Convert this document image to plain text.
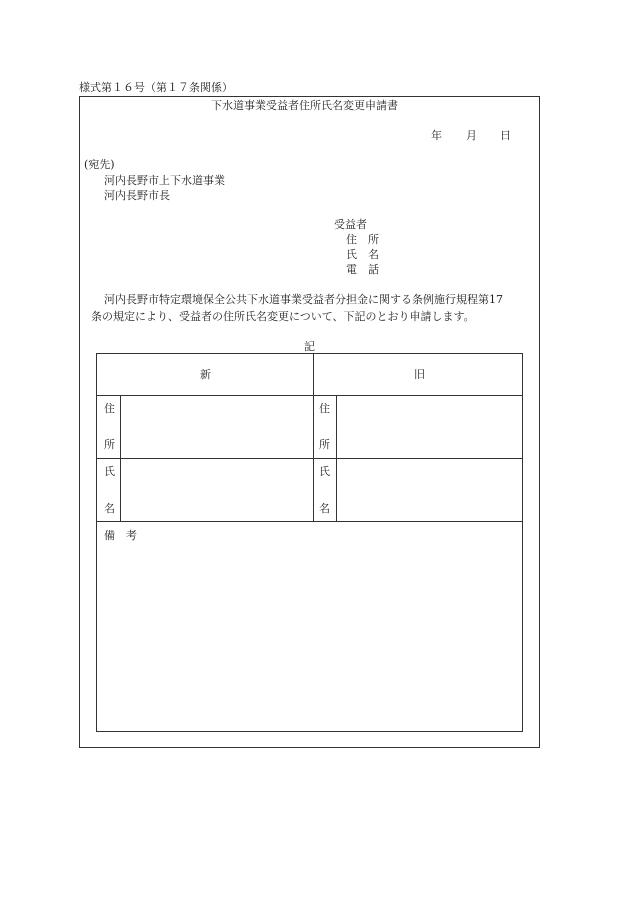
様式第１６号（第１７条関係）
下水道事業受益者住所氏名変更申請書
年 月 日
(宛先)
河内長野市上下水道事業
河内長野市長
受益者
住　所
氏　名
電　話
河内長野市特定環境保全公共下水道事業受益者分担金に関する条例施行規程第17
条の規定により、受益者の住所氏名変更について、下記のとおり申請します。
記
新	旧
住
所
住
所
氏
名
氏
名
備　考
